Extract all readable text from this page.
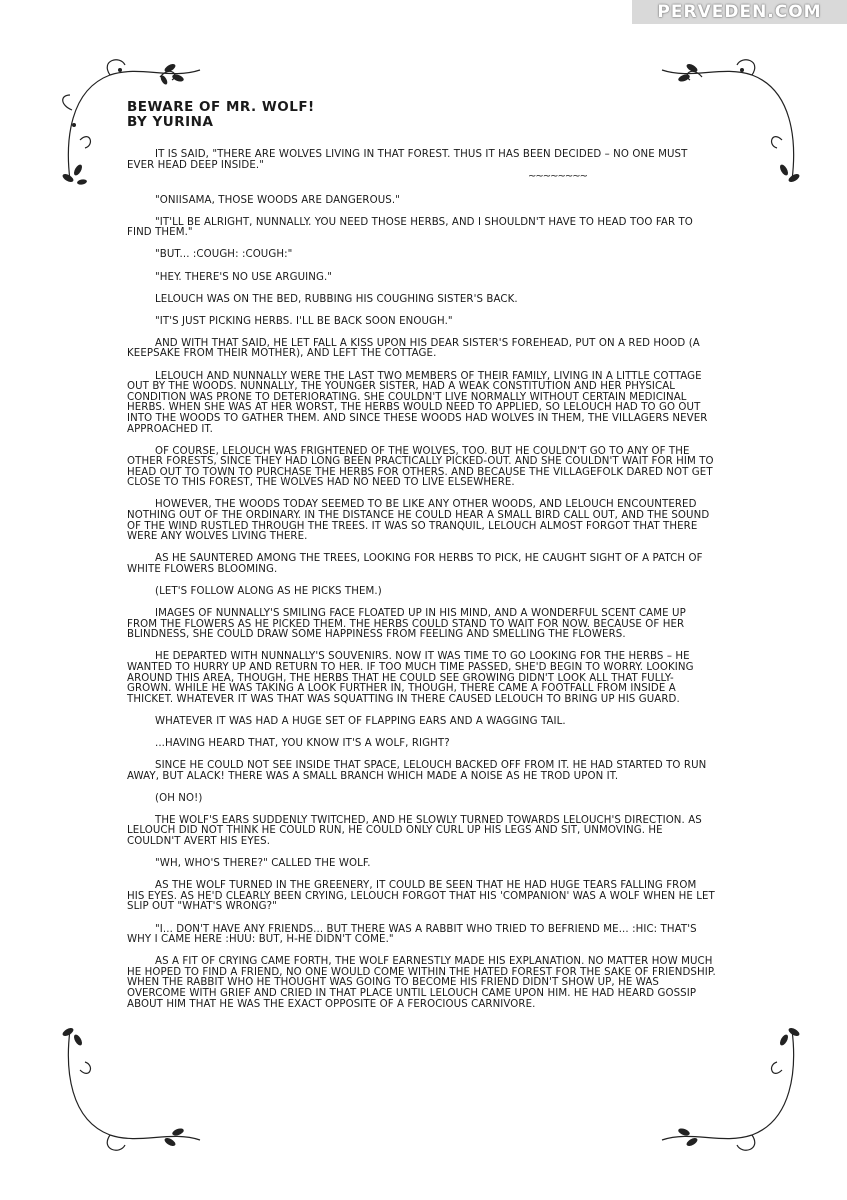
PERVEDEN.COM
BEWARE OF MR. WOLF!
BY YURINA

IT IS SAID, "THERE ARE WOLVES LIVING IN THAT FOREST. THUS IT HAS BEEN DECIDED – NO ONE MUST EVER HEAD DEEP INSIDE."

~~~~~~~~

"ONIISAMA, THOSE WOODS ARE DANGEROUS."

"IT'LL BE ALRIGHT, NUNNALLY. YOU NEED THOSE HERBS, AND I SHOULDN'T HAVE TO HEAD TOO FAR TO FIND THEM."

"BUT... :COUGH: :COUGH:"

"HEY. THERE'S NO USE ARGUING."

LELOUCH WAS ON THE BED, RUBBING HIS COUGHING SISTER'S BACK.

"IT'S JUST PICKING HERBS. I'LL BE BACK SOON ENOUGH."

AND WITH THAT SAID, HE LET FALL A KISS UPON HIS DEAR SISTER'S FOREHEAD, PUT ON A RED HOOD (A KEEPSAKE FROM THEIR MOTHER), AND LEFT THE COTTAGE.

LELOUCH AND NUNNALLY WERE THE LAST TWO MEMBERS OF THEIR FAMILY, LIVING IN A LITTLE COTTAGE OUT BY THE WOODS. NUNNALLY, THE YOUNGER SISTER, HAD A WEAK CONSTITUTION AND HER PHYSICAL CONDITION WAS PRONE TO DETERIORATING. SHE COULDN'T LIVE NORMALLY WITHOUT CERTAIN MEDICINAL HERBS. WHEN SHE WAS AT HER WORST, THE HERBS WOULD NEED TO APPLIED, SO LELOUCH HAD TO GO OUT INTO THE WOODS TO GATHER THEM. AND SINCE THESE WOODS HAD WOLVES IN THEM, THE VILLAGERS NEVER APPROACHED IT.

OF COURSE, LELOUCH WAS FRIGHTENED OF THE WOLVES, TOO. BUT HE COULDN'T GO TO ANY OF THE OTHER FORESTS, SINCE THEY HAD LONG BEEN PRACTICALLY PICKED-OUT. AND SHE COULDN'T WAIT FOR HIM TO HEAD OUT TO TOWN TO PURCHASE THE HERBS FOR OTHERS. AND BECAUSE THE VILLAGEFOLK DARED NOT GET CLOSE TO THIS FOREST, THE WOLVES HAD NO NEED TO LIVE ELSEWHERE.

HOWEVER, THE WOODS TODAY SEEMED TO BE LIKE ANY OTHER WOODS, AND LELOUCH ENCOUNTERED NOTHING OUT OF THE ORDINARY. IN THE DISTANCE HE COULD HEAR A SMALL BIRD CALL OUT, AND THE SOUND OF THE WIND RUSTLED THROUGH THE TREES. IT WAS SO TRANQUIL, LELOUCH ALMOST FORGOT THAT THERE WERE ANY WOLVES LIVING THERE.

AS HE SAUNTERED AMONG THE TREES, LOOKING FOR HERBS TO PICK, HE CAUGHT SIGHT OF A PATCH OF WHITE FLOWERS BLOOMING.

(LET'S FOLLOW ALONG AS HE PICKS THEM.)

IMAGES OF NUNNALLY'S SMILING FACE FLOATED UP IN HIS MIND, AND A WONDERFUL SCENT CAME UP FROM THE FLOWERS AS HE PICKED THEM. THE HERBS COULD STAND TO WAIT FOR NOW. BECAUSE OF HER BLINDNESS, SHE COULD DRAW SOME HAPPINESS FROM FEELING AND SMELLING THE FLOWERS.

HE DEPARTED WITH NUNNALLY'S SOUVENIRS. NOW IT WAS TIME TO GO LOOKING FOR THE HERBS – HE WANTED TO HURRY UP AND RETURN TO HER. IF TOO MUCH TIME PASSED, SHE'D BEGIN TO WORRY. LOOKING AROUND THIS AREA, THOUGH, THE HERBS THAT HE COULD SEE GROWING DIDN'T LOOK ALL THAT FULLY-GROWN. WHILE HE WAS TAKING A LOOK FURTHER IN, THOUGH, THERE CAME A FOOTFALL FROM INSIDE A THICKET. WHATEVER IT WAS THAT WAS SQUATTING IN THERE CAUSED LELOUCH TO BRING UP HIS GUARD.

WHATEVER IT WAS HAD A HUGE SET OF FLAPPING EARS AND A WAGGING TAIL.

...HAVING HEARD THAT, YOU KNOW IT'S A WOLF, RIGHT?

SINCE HE COULD NOT SEE INSIDE THAT SPACE, LELOUCH BACKED OFF FROM IT. HE HAD STARTED TO RUN AWAY, BUT ALACK! THERE WAS A SMALL BRANCH WHICH MADE A NOISE AS HE TROD UPON IT.

(OH NO!)

THE WOLF'S EARS SUDDENLY TWITCHED, AND HE SLOWLY TURNED TOWARDS LELOUCH'S DIRECTION. AS LELOUCH DID NOT THINK HE COULD RUN, HE COULD ONLY CURL UP HIS LEGS AND SIT, UNMOVING. HE COULDN'T AVERT HIS EYES.

"WH, WHO'S THERE?" CALLED THE WOLF.

AS THE WOLF TURNED IN THE GREENERY, IT COULD BE SEEN THAT HE HAD HUGE TEARS FALLING FROM HIS EYES. AS HE'D CLEARLY BEEN CRYING, LELOUCH FORGOT THAT HIS 'COMPANION' WAS A WOLF WHEN HE LET SLIP OUT "WHAT'S WRONG?"

"I... DON'T HAVE ANY FRIENDS... BUT THERE WAS A RABBIT WHO TRIED TO BEFRIEND ME... :HIC: THAT'S WHY I CAME HERE :HUU: BUT, H-HE DIDN'T COME."

AS A FIT OF CRYING CAME FORTH, THE WOLF EARNESTLY MADE HIS EXPLANATION. NO MATTER HOW MUCH HE HOPED TO FIND A FRIEND, NO ONE WOULD COME WITHIN THE HATED FOREST FOR THE SAKE OF FRIENDSHIP. WHEN THE RABBIT WHO HE THOUGHT WAS GOING TO BECOME HIS FRIEND DIDN'T SHOW UP, HE WAS OVERCOME WITH GRIEF AND CRIED IN THAT PLACE UNTIL LELOUCH CAME UPON HIM. HE HAD HEARD GOSSIP ABOUT HIM THAT HE WAS THE EXACT OPPOSITE OF A FEROCIOUS CARNIVORE.
